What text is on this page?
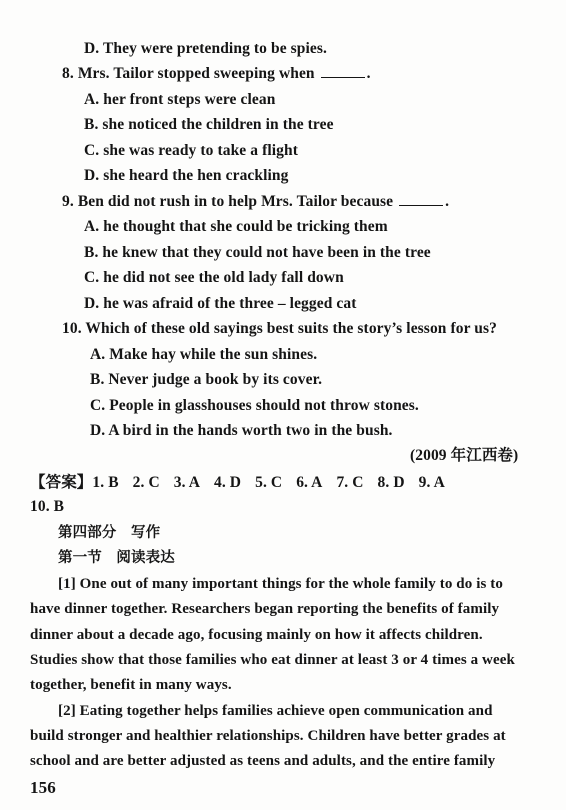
D. They were pretending to be spies.
8. Mrs. Tailor stopped sweeping when	.
A. her front steps were clean
B. she noticed the children in the tree
C. she was ready to take a flight
D. she heard the hen crackling
9. Ben did not rush in to help Mrs. Tailor because	.
A. he thought that she could be tricking them
B. he knew that they could not have been in the tree
C. he did not see the old lady fall down
D. he was afraid of the three – legged cat
10. Which of these old sayings best suits the story’s lesson for us?
A. Make hay while the sun shines.
B. Never judge a book by its cover.
C. People in glasshouses should not throw stones.
D. A bird in the hands worth two in the bush.
(2009 年江西卷)
【答案】1. B 2. C 3. A 4. D 5. C 6. A 7. C 8. D 9. A
10. B
第四部分　写作
第一节　阅读表达
[1] One out of many important things for the whole family to do is to
have dinner together. Researchers began reporting the benefits of family
dinner about a decade ago, focusing mainly on how it affects children.
Studies show that those families who eat dinner at least 3 or 4 times a week
together, benefit in many ways.
[2] Eating together helps families achieve open communication and
build stronger and healthier relationships. Children have better grades at
school and are better adjusted as teens and adults, and the entire family
156
